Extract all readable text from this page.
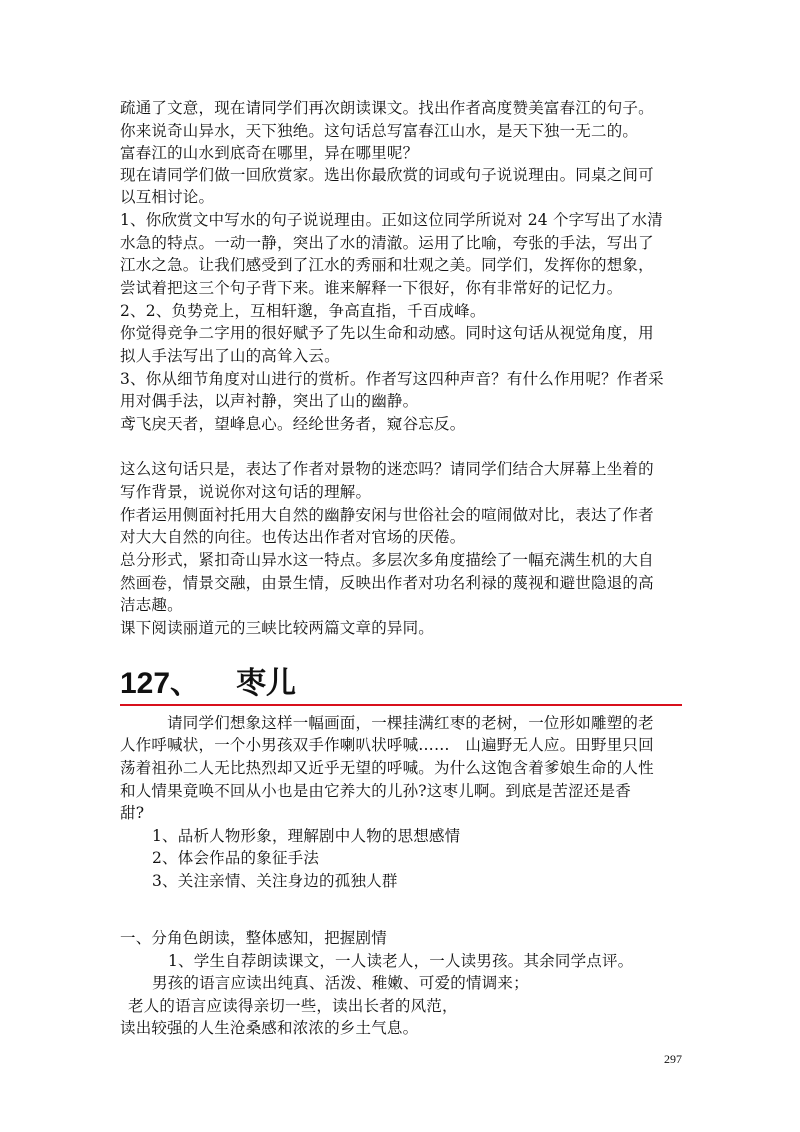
疏通了文意，现在请同学们再次朗读课文。找出作者高度赞美富春江的句子。
你来说奇山异水，天下独绝。这句话总写富春江山水，是天下独一无二的。
富春江的山水到底奇在哪里，异在哪里呢？
现在请同学们做一回欣赏家。选出你最欣赏的词或句子说说理由。同桌之间可
以互相讨论。
1、你欣赏文中写水的句子说说理由。正如这位同学所说对 24 个字写出了水清
水急的特点。一动一静，突出了水的清澈。运用了比喻，夸张的手法，写出了
江水之急。让我们感受到了江水的秀丽和壮观之美。同学们，发挥你的想象，
尝试着把这三个句子背下来。谁来解释一下很好，你有非常好的记忆力。
2、2、负势竞上，互相轩邈，争高直指，千百成峰。
你觉得竞争二字用的很好赋予了先以生命和动感。同时这句话从视觉角度，用
拟人手法写出了山的高耸入云。
3、你从细节角度对山进行的赏析。作者写这四种声音？有什么作用呢？作者采
用对偶手法，以声衬静，突出了山的幽静。
鸢飞戾天者，望峰息心。经纶世务者，窥谷忘反。
这么这句话只是，表达了作者对景物的迷恋吗？请同学们结合大屏幕上坐着的
写作背景，说说你对这句话的理解。
作者运用侧面衬托用大自然的幽静安闲与世俗社会的喧闹做对比，表达了作者
对大大自然的向往。也传达出作者对官场的厌倦。
总分形式，紧扣奇山异水这一特点。多层次多角度描绘了一幅充满生机的大自
然画卷，情景交融，由景生情，反映出作者对功名利禄的蔑视和避世隐退的高
洁志趣。
课下阅读丽道元的三峡比较两篇文章的异同。
127、 枣儿
　　　请同学们想象这样一幅画面，一棵挂满红枣的老树，一位形如雕塑的老
人作呼喊状，一个小男孩双手作喇叭状呼喊……　山遍野无人应。田野里只回
荡着祖孙二人无比热烈却又近乎无望的呼喊。为什么这饱含着爹娘生命的人性
和人情果竟唤不回从小也是由它养大的儿孙?这枣儿啊。到底是苦涩还是香
甜?
1、品析人物形象，理解剧中人物的思想感情
2、体会作品的象征手法
3、关注亲情、关注身边的孤独人群
一、分角色朗读，整体感知，把握剧情
1、学生自荐朗读课文，一人读老人，一人读男孩。其余同学点评。
男孩的语言应读出纯真、活泼、稚嫩、可爱的情调来；
老人的语言应读得亲切一些，读出长者的风范，
读出较强的人生沧桑感和浓浓的乡土气息。
297
